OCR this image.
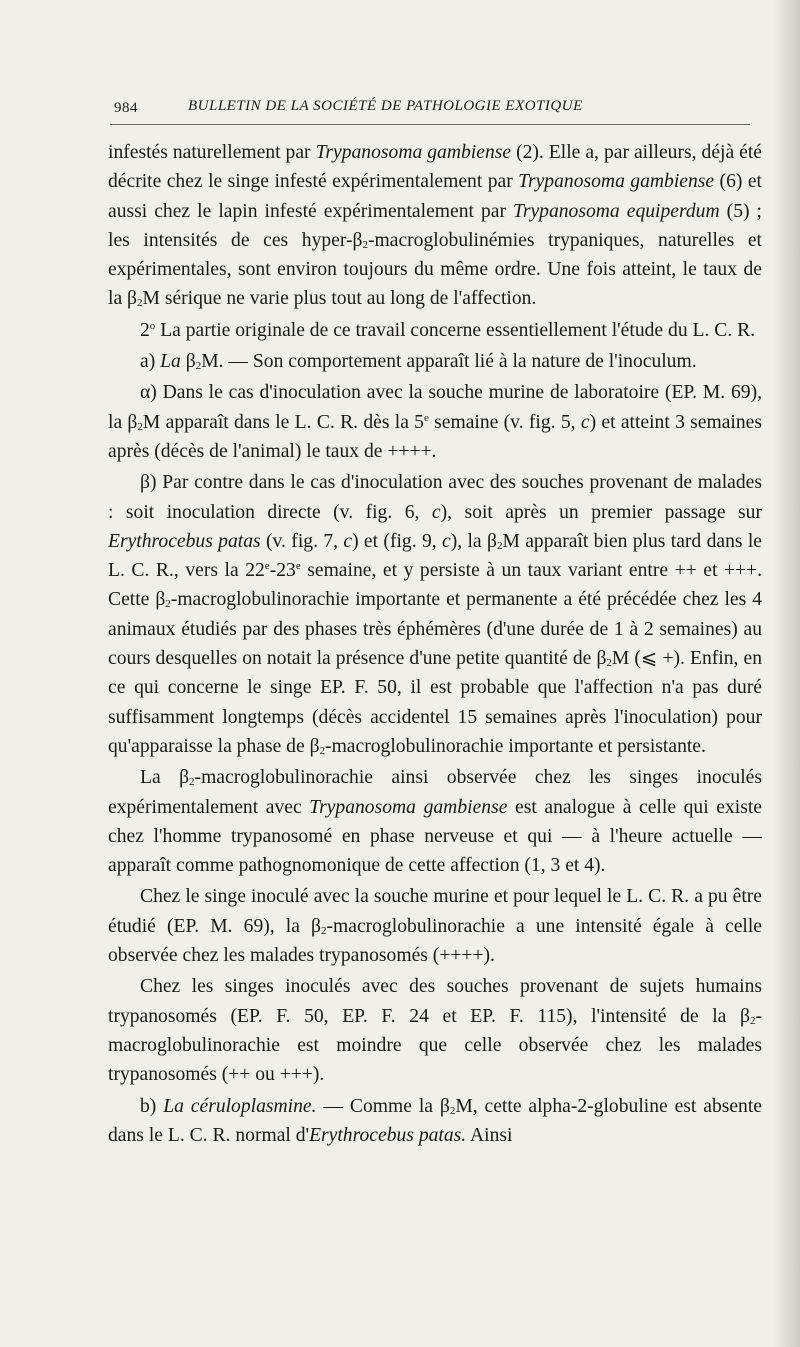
984	BULLETIN DE LA SOCIÉTÉ DE PATHOLOGIE EXOTIQUE

infestés naturellement par Trypanosoma gambiense (2). Elle a, par ailleurs, déjà été décrite chez le singe infesté expérimentalement par Trypanosoma gambiense (6) et aussi chez le lapin infesté expérimentalement par Trypanosoma equiperdum (5) ; les intensités de ces hyper-$\beta_2$-macroglobulinémies trypaniques, naturelles et expérimentales, sont environ toujours du même ordre. Une fois atteint, le taux de la $\beta_2M$ sérique ne varie plus tout au long de l'affection.

2$^o$ La partie originale de ce travail concerne essentiellement l'étude du L. C. R.

a) La $\beta_2M$. — Son comportement apparaît lié à la nature de l'inoculum.

α) Dans le cas d'inoculation avec la souche murine de laboratoire (EP. M. 69), la $\beta_2M$ apparaît dans le L. C. R. dès la 5e semaine (v. fig. 5, c) et atteint 3 semaines après (décès de l'animal) le taux de ++++.

β) Par contre dans le cas d'inoculation avec des souches provenant de malades : soit inoculation directe (v. fig. 6, c), soit après un premier passage sur Erythrocebus patas (v. fig. 7, c) et (fig. 9, c), la $\beta_2M$ apparaît bien plus tard dans le L. C. R., vers la 22e-23e semaine, et y persiste à un taux variant entre ++ et +++. Cette $\beta_2$-macroglobulinorachie importante et permanente a été précédée chez les 4 animaux étudiés par des phases très éphémères (d'une durée de 1 à 2 semaines) au cours desquelles on notait la présence d'une petite quantité de $\beta_2M$ (⩽ +). Enfin, en ce qui concerne le singe EP. F. 50, il est probable que l'affection n'a pas duré suffisamment longtemps (décès accidentel 15 semaines après l'inoculation) pour qu'apparaisse la phase de $\beta_2$-macroglobulinorachie importante et persistante.

La $\beta_2$-macroglobulinorachie ainsi observée chez les singes inoculés expérimentalement avec Trypanosoma gambiense est analogue à celle qui existe chez l'homme trypanosomé en phase nerveuse et qui — à l'heure actuelle — apparaît comme pathognomonique de cette affection (1, 3 et 4).

Chez le singe inoculé avec la souche murine et pour lequel le L. C. R. a pu être étudié (EP. M. 69), la $\beta_2$-macroglobulinorachie a une intensité égale à celle observée chez les malades trypanosomés (++++).

Chez les singes inoculés avec des souches provenant de sujets humains trypanosomés (EP. F. 50, EP. F. 24 et EP. F. 115), l'intensité de la $\beta_2$-macroglobulinorachie est moindre que celle observée chez les malades trypanosomés (++ ou +++).

b) La céruloplasmine. — Comme la $\beta_2M$, cette alpha-2-globuline est absente dans le L. C. R. normal d'Erythrocebus patas. Ainsi
